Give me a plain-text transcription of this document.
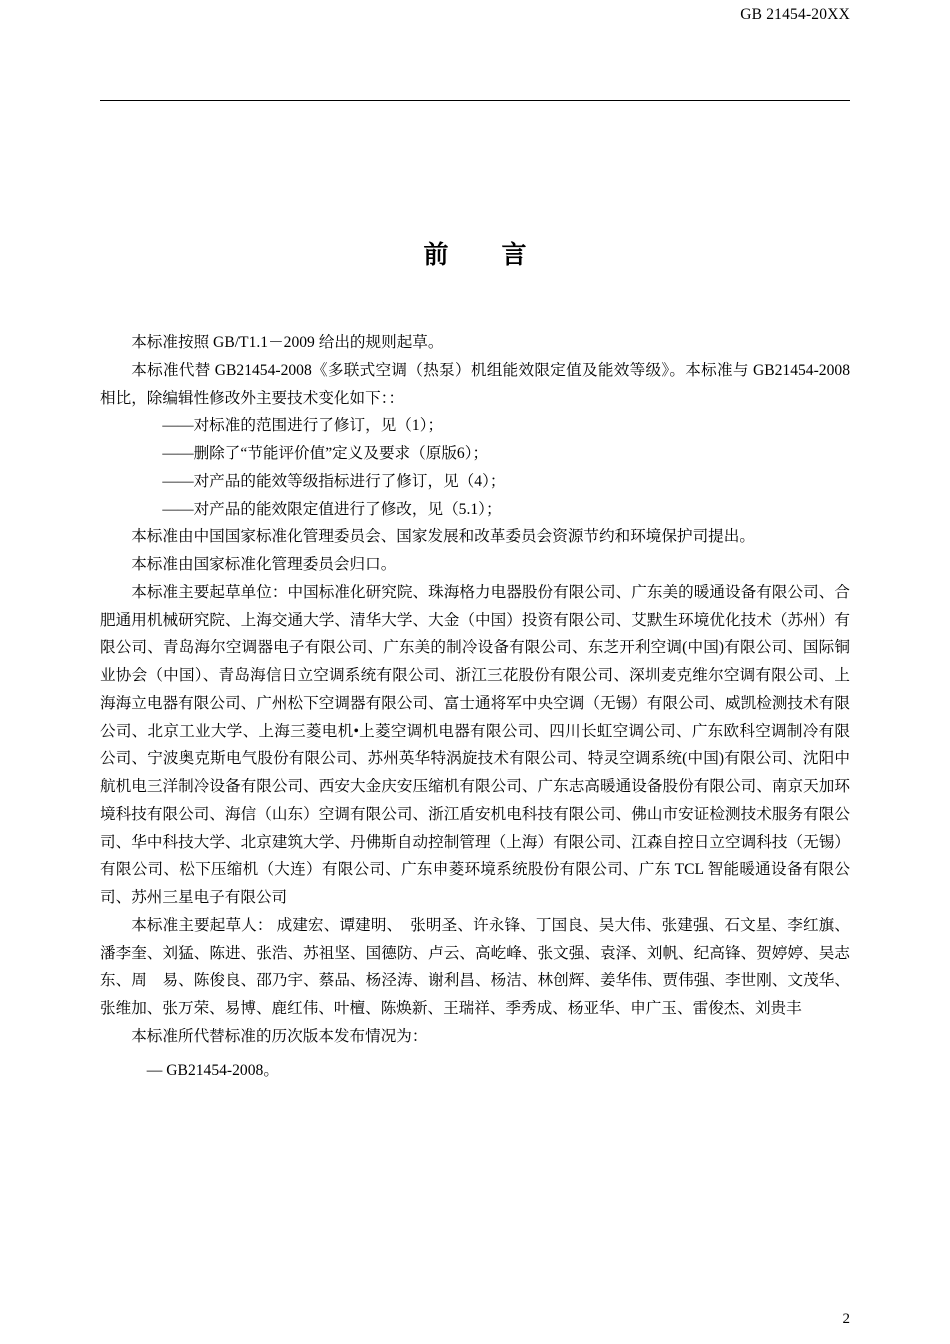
GB 21454-20XX
前　言

本标准按照 GB/T1.1－2009 给出的规则起草。

本标准代替 GB21454-2008《多联式空调（热泵）机组能效限定值及能效等级》。本标准与 GB21454-2008 相比，除编辑性修改外主要技术变化如下：：

——对标准的范围进行了修订，见（1）；

——删除了“节能评价值”定义及要求（原版6）；

——对产品的能效等级指标进行了修订，见（4）；

——对产品的能效限定值进行了修改，见（5.1）；

本标准由中国国家标准化管理委员会、国家发展和改革委员会资源节约和环境保护司提出。

本标准由国家标准化管理委员会归口。

本标准主要起草单位：中国标准化研究院、珠海格力电器股份有限公司、广东美的暖通设备有限公司、合肥通用机械研究院、上海交通大学、清华大学、大金（中国）投资有限公司、艾默生环境优化技术（苏州）有限公司、青岛海尔空调器电子有限公司、广东美的制冷设备有限公司、东芝开利空调(中国)有限公司、国际铜业协会（中国）、青岛海信日立空调系统有限公司、浙江三花股份有限公司、深圳麦克维尔空调有限公司、上海海立电器有限公司、广州松下空调器有限公司、富士通将军中央空调（无锡）有限公司、威凯检测技术有限公司、北京工业大学、上海三菱电机•上菱空调机电器有限公司、四川长虹空调公司、广东欧科空调制冷有限公司、宁波奥克斯电气股份有限公司、苏州英华特涡旋技术有限公司、特灵空调系统(中国)有限公司、沈阳中航机电三洋制冷设备有限公司、西安大金庆安压缩机有限公司、广东志高暖通设备股份有限公司、南京天加环境科技有限公司、海信（山东）空调有限公司、浙江盾安机电科技有限公司、佛山市安证检测技术服务有限公司、华中科技大学、北京建筑大学、丹佛斯自动控制管理（上海）有限公司、江森自控日立空调科技（无锡）有限公司、松下压缩机（大连）有限公司、广东申菱环境系统股份有限公司、广东 TCL 智能暖通设备有限公司、苏州三星电子有限公司

本标准主要起草人： 成建宏、谭建明、　张明圣、许永锋、丁国良、吴大伟、张建强、石文星、李红旗、潘李奎、刘猛、陈进、张浩、苏祖坚、国德防、卢云、高屹峰、张文强、袁泽、刘帆、纪高锋、贺婷婷、吴志东、周　易、陈俊良、邵乃宇、蔡品、杨泾涛、谢利昌、杨洁、林创辉、姜华伟、贾伟强、李世刚、文茂华、张维加、张万荣、易博、鹿红伟、叶檀、陈焕新、王瑞祥、季秀成、杨亚华、申广玉、雷俊杰、刘贵丰

本标准所代替标准的历次版本发布情况为：

— GB21454-2008。

2
